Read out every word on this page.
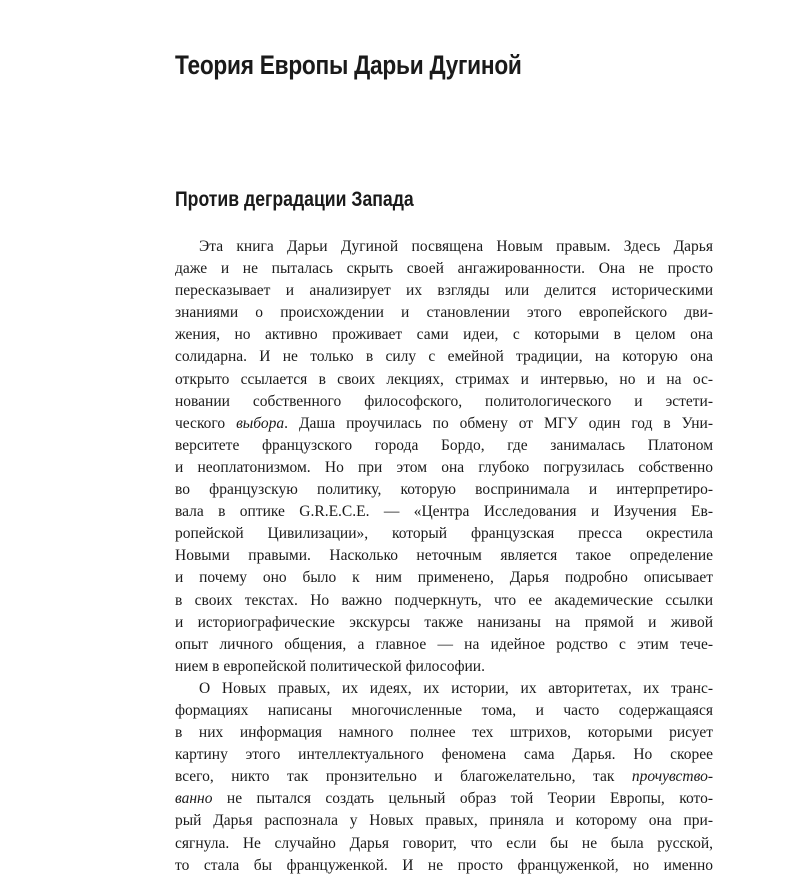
Теория Европы Дарьи Дугиной
Против деградации Запада
Эта книга Дарьи Дугиной посвящена Новым правым. Здесь Дарья
даже и не пыталась скрыть своей ангажированности. Она не просто
пересказывает и анализирует их взгляды или делится историческими
знаниями о происхождении и становлении этого европейского дви-
жения, но активно проживает сами идеи, с которыми в целом она
солидарна. И не только в силу с емейной традиции, на которую она
открыто ссылается в своих лекциях, стримах и интервью, но и на ос-
новании собственного философского, политологического и эстети-
ческого выбора. Даша проучилась по обмену от МГУ один год в Уни-
верситете французского города Бордо, где занималась Платоном
и неоплатонизмом. Но при этом она глубоко погрузилась собственно
во французскую политику, которую воспринимала и интерпретиро-
вала в оптике G.R.E.C.E. — «Центра Исследования и Изучения Ев-
ропейской Цивилизации», который французская пресса окрестила
Новыми правыми. Насколько неточным является такое определение
и почему оно было к ним применено, Дарья подробно описывает
в своих текстах. Но важно подчеркнуть, что ее академические ссылки
и историографические экскурсы также нанизаны на прямой и живой
опыт личного общения, а главное — на идейное родство с этим тече-
нием в европейской политической философии.
О Новых правых, их идеях, их истории, их авторитетах, их транс-
формациях написаны многочисленные тома, и часто содержащаяся
в них информация намного полнее тех штрихов, которыми рисует
картину этого интеллектуального феномена сама Дарья. Но скорее
всего, никто так пронзительно и благожелательно, так прочувство-
ванно не пытался создать цельный образ той Теории Европы, кото-
рый Дарья распознала у Новых правых, приняла и которому она при-
сягнула. Не случайно Дарья говорит, что если бы не была русской,
то стала бы француженкой. И не просто француженкой, но именно
